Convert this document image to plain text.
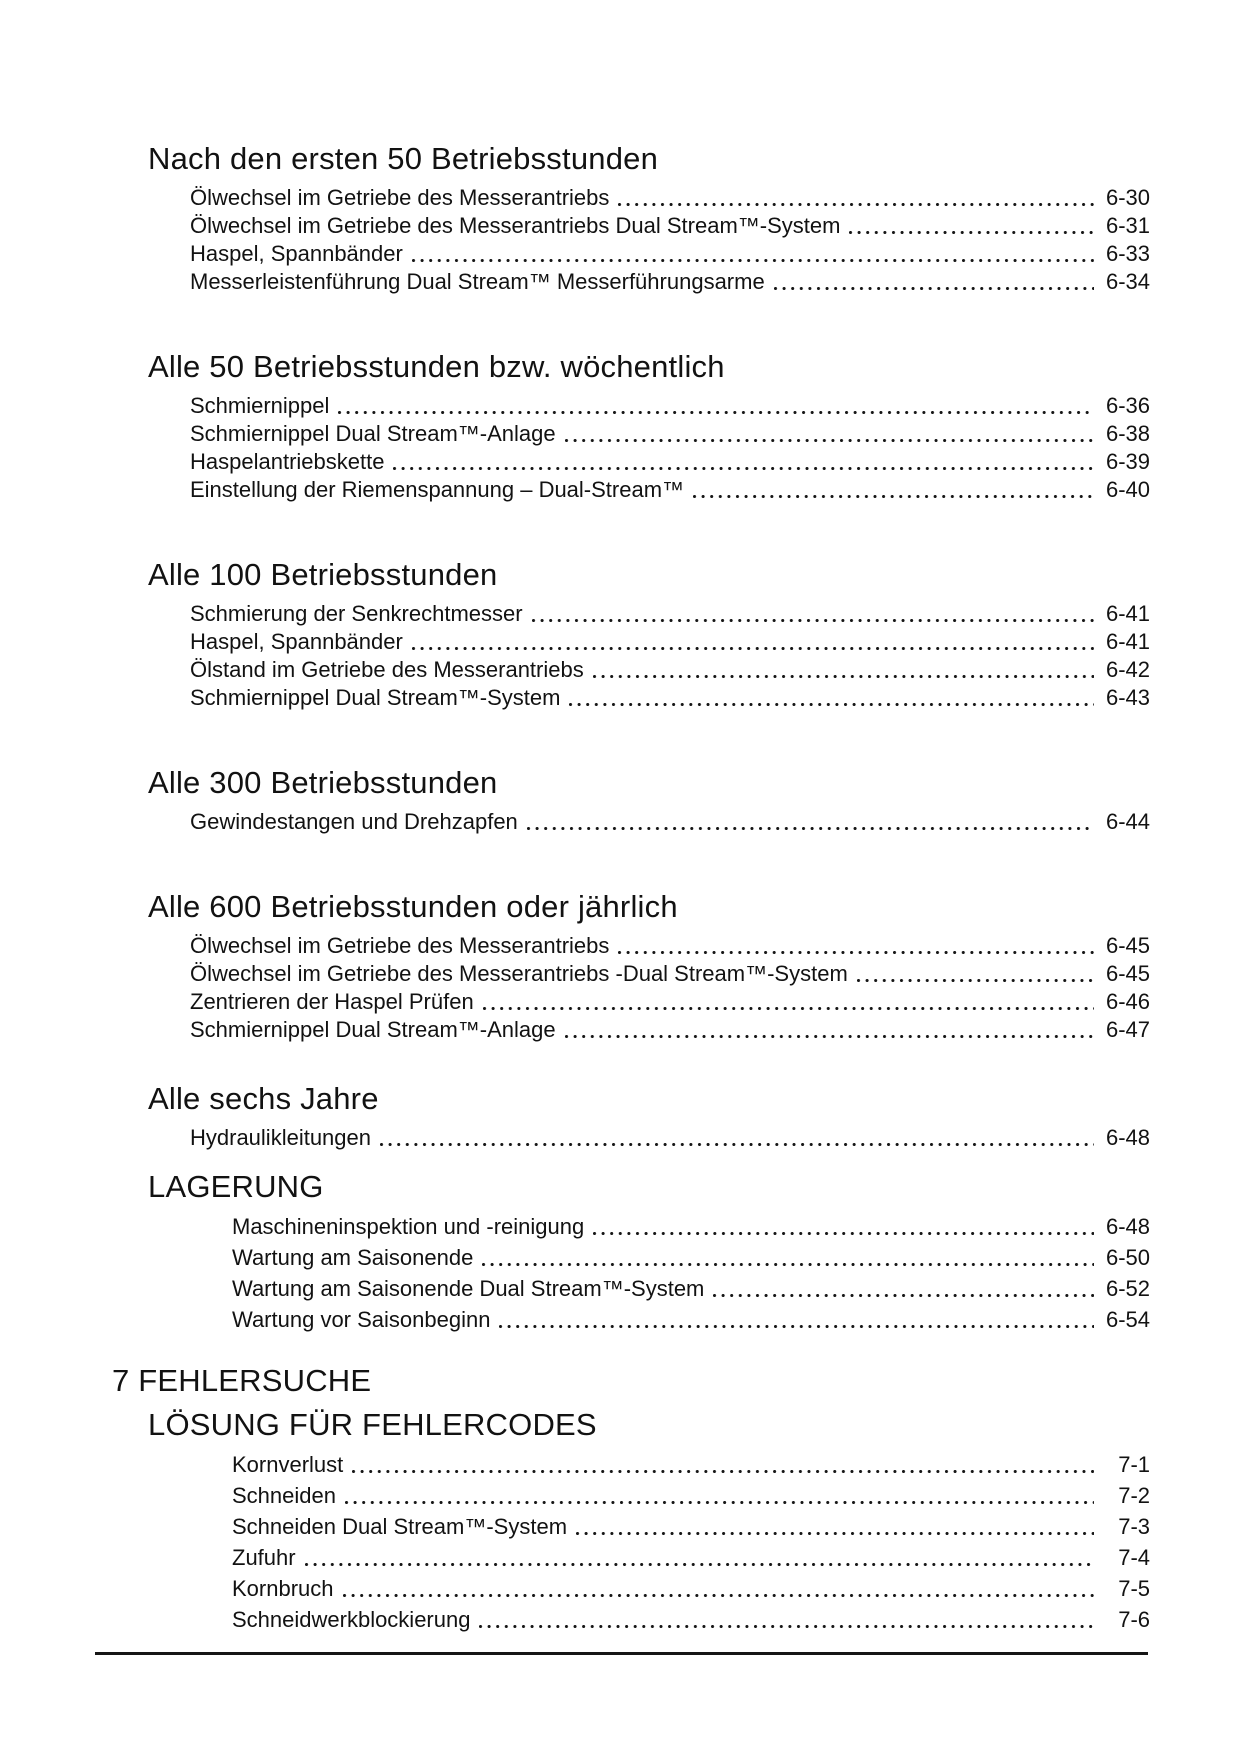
Nach den ersten 50 Betriebsstunden
Ölwechsel im Getriebe des Messerantriebs	6-30
Ölwechsel im Getriebe des Messerantriebs Dual Stream™-System	6-31
Haspel, Spannbänder	6-33
Messerleistenführung Dual Stream™ Messerführungsarme	6-34
Alle 50 Betriebsstunden bzw. wöchentlich
Schmiernippel	6-36
Schmiernippel Dual Stream™-Anlage	6-38
Haspelantriebskette	6-39
Einstellung der Riemenspannung – Dual-Stream™	6-40
Alle 100 Betriebsstunden
Schmierung der Senkrechtmesser	6-41
Haspel, Spannbänder	6-41
Ölstand im Getriebe des Messerantriebs	6-42
Schmiernippel Dual Stream™-System	6-43
Alle 300 Betriebsstunden
Gewindestangen und Drehzapfen	6-44
Alle 600 Betriebsstunden oder jährlich
Ölwechsel im Getriebe des Messerantriebs	6-45
Ölwechsel im Getriebe des Messerantriebs -Dual Stream™-System	6-45
Zentrieren der Haspel Prüfen	6-46
Schmiernippel Dual Stream™-Anlage	6-47
Alle sechs Jahre
Hydraulikleitungen	6-48
LAGERUNG
Maschineninspektion und -reinigung	6-48
Wartung am Saisonende	6-50
Wartung am Saisonende Dual Stream™-System	6-52
Wartung vor Saisonbeginn	6-54
7 FEHLERSUCHE
LÖSUNG FÜR FEHLERCODES
Kornverlust	7-1
Schneiden	7-2
Schneiden Dual Stream™-System	7-3
Zufuhr	7-4
Kornbruch	7-5
Schneidwerkblockierung	7-6
